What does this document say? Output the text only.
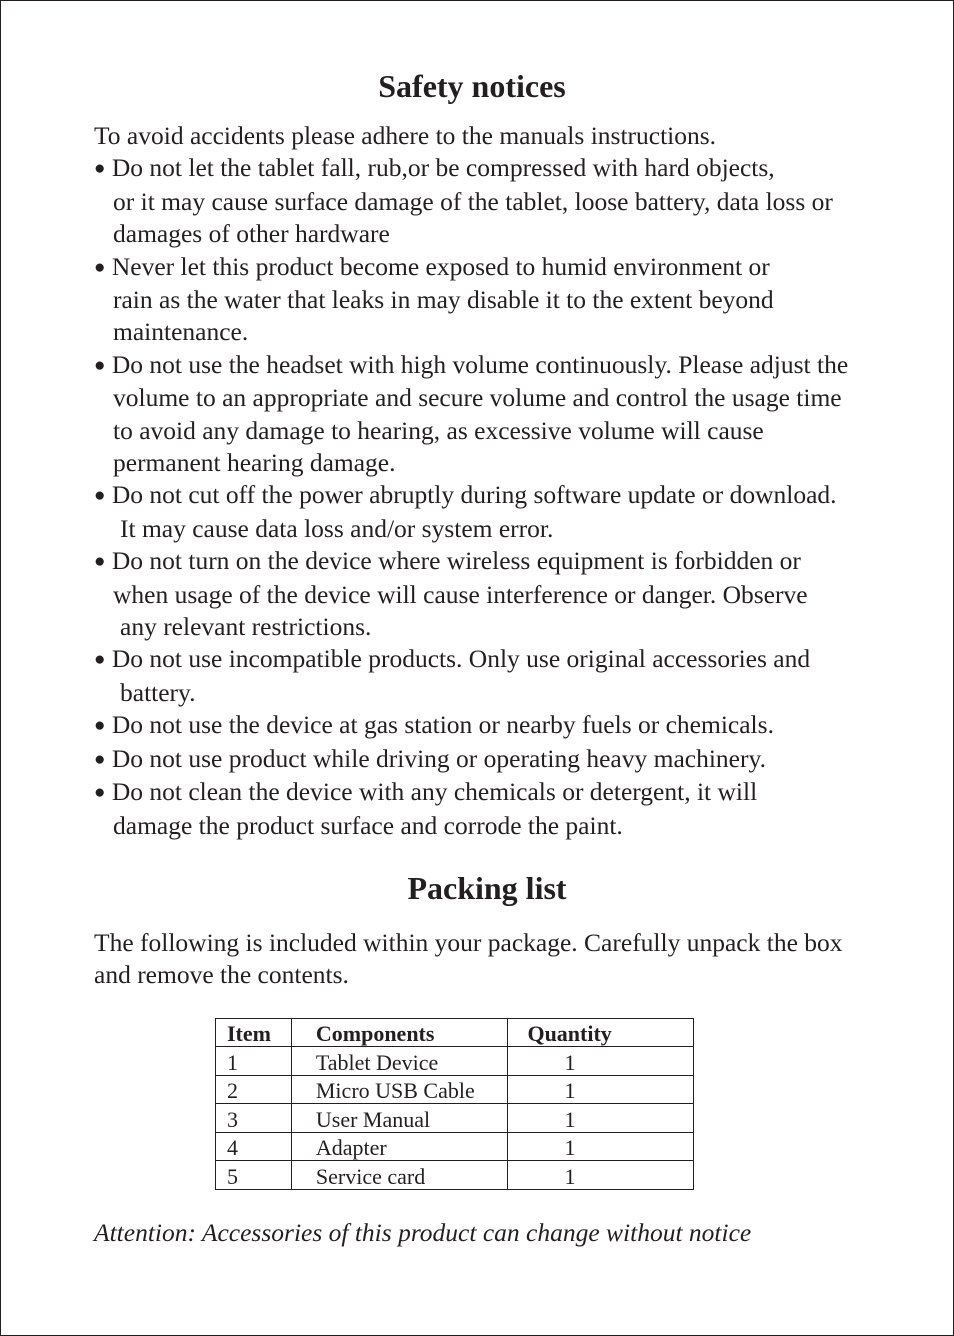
Safety notices

To avoid accidents please adhere to the manuals instructions.

● Do not let the tablet fall, rub,or be compressed with hard objects,
or it may cause surface damage of the tablet, loose battery, data loss or
damages of other hardware
● Never let this product become exposed to humid environment or
rain as the water that leaks in may disable it to the extent beyond
maintenance.
● Do not use the headset with high volume continuously. Please adjust the
volume to an appropriate and secure volume and control the usage time
to avoid any damage to hearing, as excessive volume will cause
permanent hearing damage.
● Do not cut off the power abruptly during software update or download.
It may cause data loss and/or system error.
● Do not turn on the device where wireless equipment is forbidden or
when usage of the device will cause interference or danger. Observe
any relevant restrictions.
● Do not use incompatible products. Only use original accessories and
battery.
● Do not use the device at gas station or nearby fuels or chemicals.
● Do not use product while driving or operating heavy machinery.
● Do not clean the device with any chemicals or detergent, it will
damage the product surface and corrode the paint.
Packing list
The following is included within your package. Carefully unpack the box
and remove the contents.
Item	Components	Quantity
1	Tablet Device	1
2	Micro USB Cable	1
3	User Manual	1
4	Adapter	1
5	Service card	1

Attention: Accessories of this product can change without notice
